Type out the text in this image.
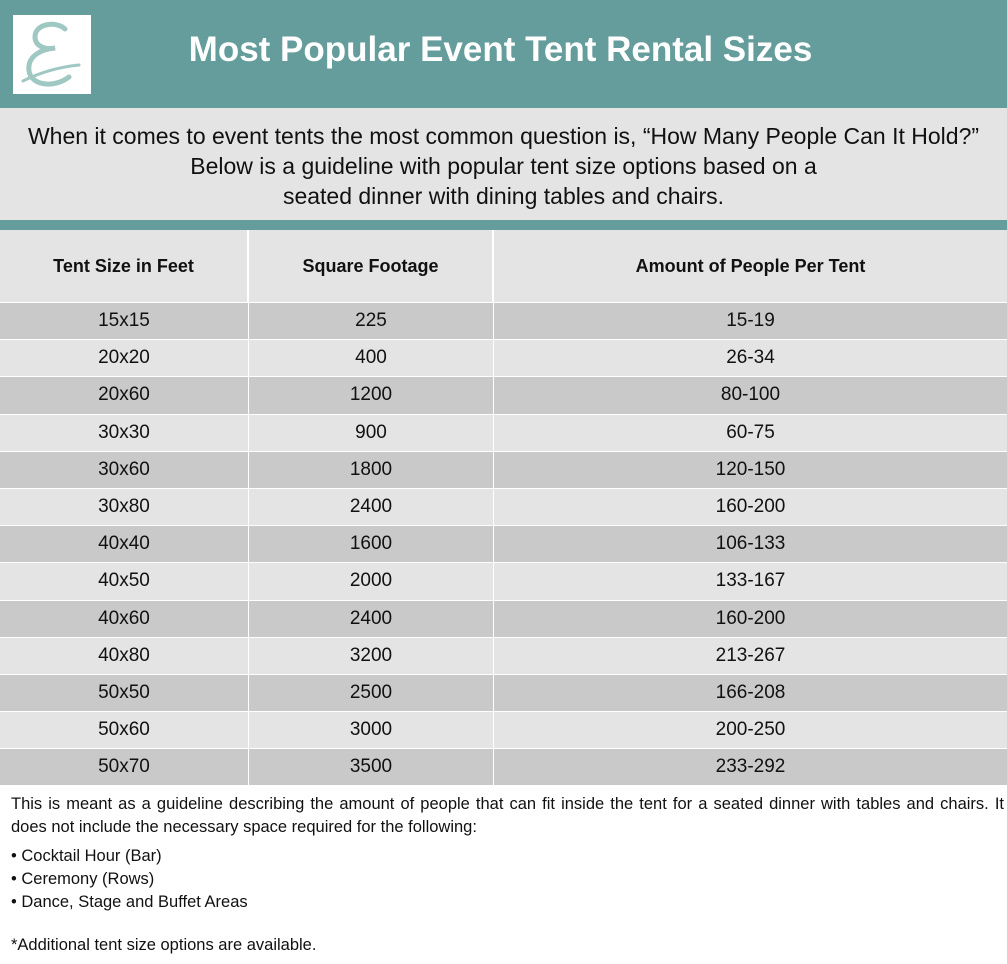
Most Popular Event Tent Rental Sizes
When it comes to event tents the most common question is, “How Many People Can It Hold?”
Below is a guideline with popular tent size options based on a
seated dinner with dining tables and chairs.
Tent Size in Feet	Square Footage	Amount of People Per Tent
15x15	225	15-19
20x20	400	26-34
20x60	1200	80-100
30x30	900	60-75
30x60	1800	120-150
30x80	2400	160-200
40x40	1600	106-133
40x50	2000	133-167
40x60	2400	160-200
40x80	3200	213-267
50x50	2500	166-208
50x60	3000	200-250
50x70	3500	233-292
This is meant as a guideline describing the amount of people that can fit inside the tent for a seated dinner with tables and chairs. It does not include the necessary space required for the following:
• Cocktail Hour (Bar)
• Ceremony (Rows)
• Dance, Stage and Buffet Areas
*Additional tent size options are available.
